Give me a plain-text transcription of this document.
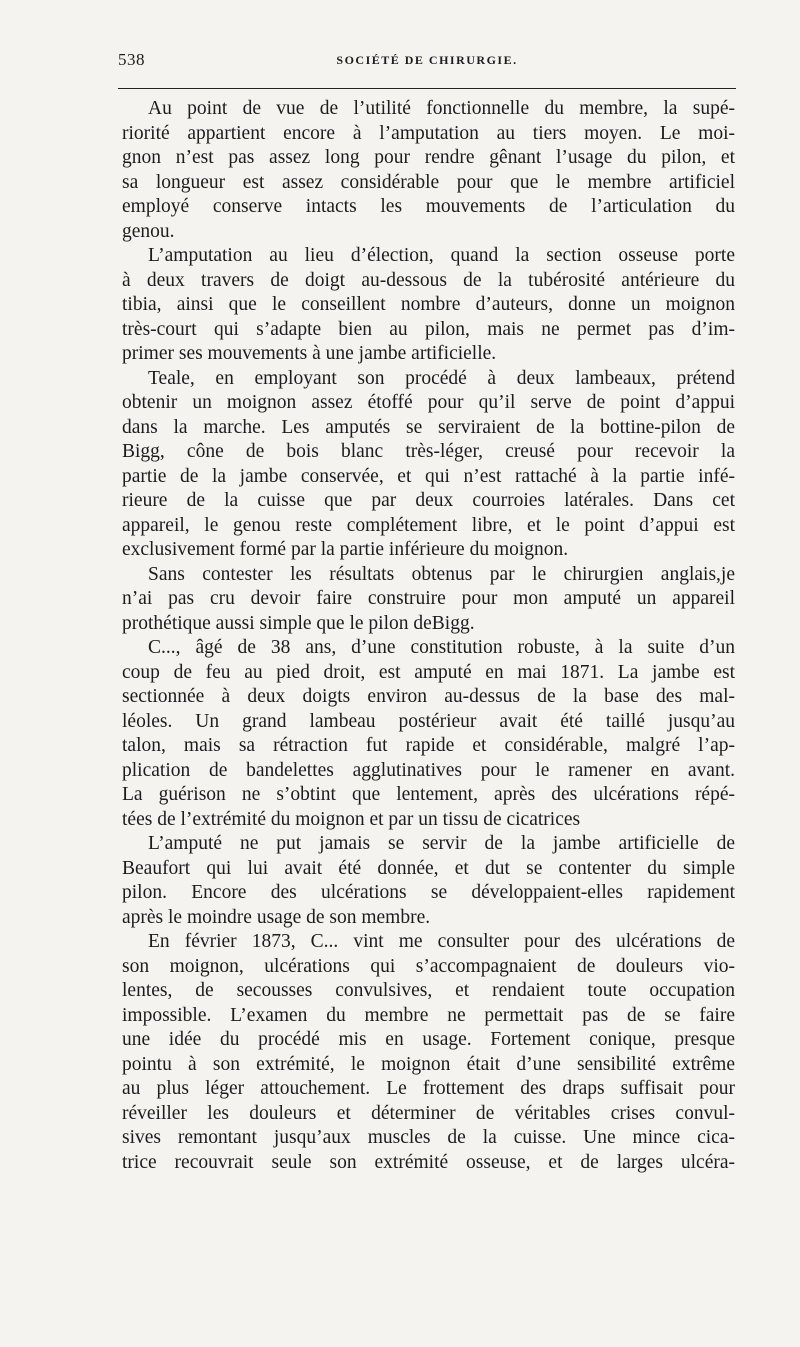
538	SOCIÉTÉ DE CHIRURGIE.
Au point de vue de l’utilité fonctionnelle du membre, la supé-
riorité appartient encore à l’amputation au tiers moyen. Le moi-
gnon n’est pas assez long pour rendre gênant l’usage du pilon, et
sa longueur est assez considérable pour que le membre artificiel
employé conserve intacts les mouvements de l’articulation du
genou.
L’amputation au lieu d’élection, quand la section osseuse porte
à deux travers de doigt au-dessous de la tubérosité antérieure du
tibia, ainsi que le conseillent nombre d’auteurs, donne un moignon
très-court qui s’adapte bien au pilon, mais ne permet pas d’im-
primer ses mouvements à une jambe artificielle.
Teale, en employant son procédé à deux lambeaux, prétend
obtenir un moignon assez étoffé pour qu’il serve de point d’appui
dans la marche. Les amputés se serviraient de la bottine-pilon de
Bigg, cône de bois blanc très-léger, creusé pour recevoir la
partie de la jambe conservée, et qui n’est rattaché à la partie infé-
rieure de la cuisse que par deux courroies latérales. Dans cet
appareil, le genou reste complétement libre, et le point d’appui est
exclusivement formé par la partie inférieure du moignon.
Sans contester les résultats obtenus par le chirurgien anglais,je
n’ai pas cru devoir faire construire pour mon amputé un appareil
prothétique aussi simple que le pilon deBigg.
C..., âgé de 38 ans, d’une constitution robuste, à la suite d’un
coup de feu au pied droit, est amputé en mai 1871. La jambe est
sectionnée à deux doigts environ au-dessus de la base des mal-
léoles. Un grand lambeau postérieur avait été taillé jusqu’au
talon, mais sa rétraction fut rapide et considérable, malgré l’ap-
plication de bandelettes agglutinatives pour le ramener en avant.
La guérison ne s’obtint que lentement, après des ulcérations répé-
tées de l’extrémité du moignon et par un tissu de cicatrices
L’amputé ne put jamais se servir de la jambe artificielle de
Beaufort qui lui avait été donnée, et dut se contenter du simple
pilon. Encore des ulcérations se développaient-elles rapidement
après le moindre usage de son membre.
En février 1873, C... vint me consulter pour des ulcérations de
son moignon, ulcérations qui s’accompagnaient de douleurs vio-
lentes, de secousses convulsives, et rendaient toute occupation
impossible. L’examen du membre ne permettait pas de se faire
une idée du procédé mis en usage. Fortement conique, presque
pointu à son extrémité, le moignon était d’une sensibilité extrême
au plus léger attouchement. Le frottement des draps suffisait pour
réveiller les douleurs et déterminer de véritables crises convul-
sives remontant jusqu’aux muscles de la cuisse. Une mince cica-
trice recouvrait seule son extrémité osseuse, et de larges ulcéra-
